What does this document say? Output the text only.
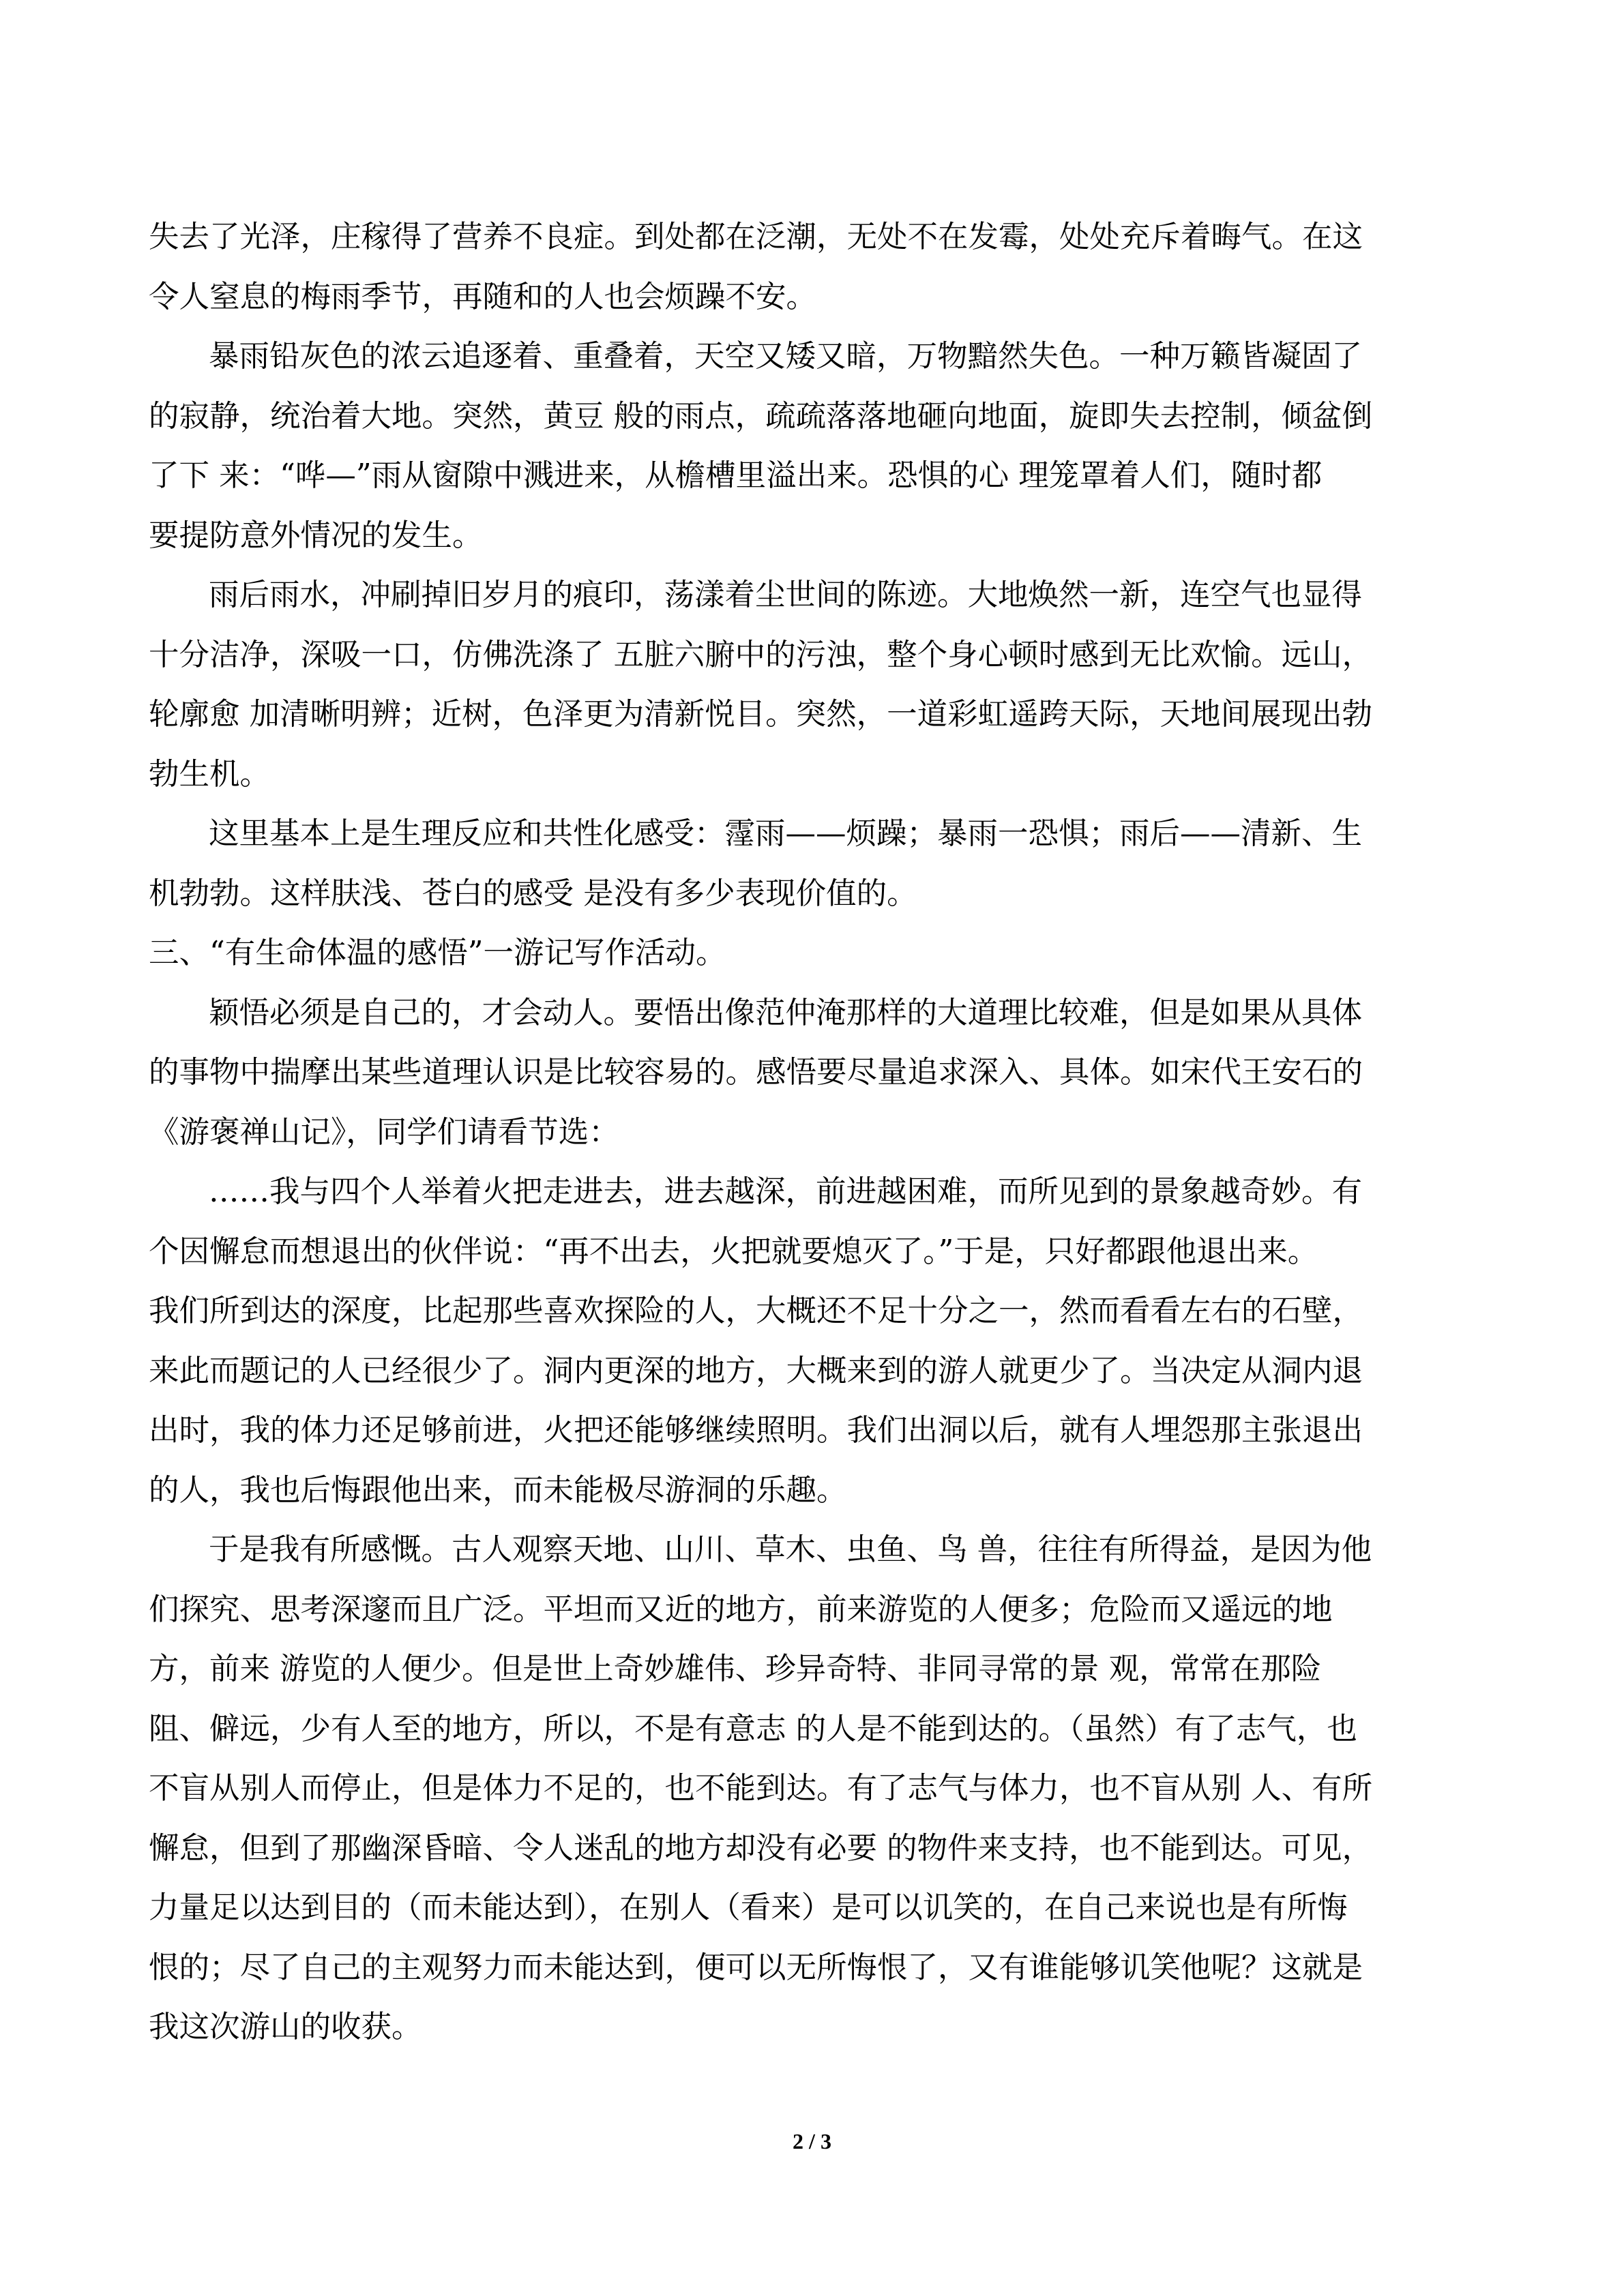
失去了光泽，庄稼得了营养不良症。到处都在泛潮，无处不在发霉，处处充斥着晦气。在这
令人窒息的梅雨季节，再随和的人也会烦躁不安。
暴雨铅灰色的浓云追逐着、重叠着，天空又矮又暗，万物黯然失色。一种万籁皆凝固了
的寂静，统治着大地。突然，黄豆 般的雨点，疏疏落落地砸向地面，旋即失去控制，倾盆倒
了下 来：“哗—”雨从窗隙中溅进来，从檐槽里溢出来。恐惧的心 理笼罩着人们，随时都
要提防意外情况的发生。
雨后雨水，冲刷掉旧岁月的痕印，荡漾着尘世间的陈迹。大地焕然一新，连空气也显得
十分洁净，深吸一口，仿佛洗涤了 五脏六腑中的污浊，整个身心顿时感到无比欢愉。远山，
轮廓愈 加清晰明辨；近树，色泽更为清新悦目。突然，一道彩虹遥跨天际，天地间展现出勃
勃生机。
这里基本上是生理反应和共性化感受：霪雨——烦躁；暴雨一恐惧；雨后——清新、生
机勃勃。这样肤浅、苍白的感受 是没有多少表现价值的。
三、“有生命体温的感悟”一游记写作活动。
颖悟必须是自己的，才会动人。要悟出像范仲淹那样的大道理比较难，但是如果从具体
的事物中揣摩出某些道理认识是比较容易的。感悟要尽量追求深入、具体。如宋代王安石的
《游褒禅山记》，同学们请看节选：
……我与四个人举着火把走进去，进去越深，前进越困难，而所见到的景象越奇妙。有
个因懈怠而想退出的伙伴说：“再不出去，火把就要熄灭了。”于是，只好都跟他退出来。
我们所到达的深度，比起那些喜欢探险的人，大概还不足十分之一，然而看看左右的石壁，
来此而题记的人已经很少了。洞内更深的地方，大概来到的游人就更少了。当决定从洞内退
出时，我的体力还足够前进，火把还能够继续照明。我们出洞以后，就有人埋怨那主张退出
的人，我也后悔跟他出来，而未能极尽游洞的乐趣。
于是我有所感慨。古人观察天地、山川、草木、虫鱼、鸟 兽，往往有所得益，是因为他
们探究、思考深邃而且广泛。平坦而又近的地方，前来游览的人便多；危险而又遥远的地
方，前来 游览的人便少。但是世上奇妙雄伟、珍异奇特、非同寻常的景 观，常常在那险
阻、僻远，少有人至的地方，所以，不是有意志 的人是不能到达的。（虽然）有了志气，也
不盲从别人而停止，但是体力不足的，也不能到达。有了志气与体力，也不盲从别 人、有所
懈怠，但到了那幽深昏暗、令人迷乱的地方却没有必要 的物件来支持，也不能到达。可见，
力量足以达到目的（而未能达到），在别人（看来）是可以讥笑的，在自己来说也是有所悔
恨的；尽了自己的主观努力而未能达到，便可以无所悔恨了，又有谁能够讥笑他呢？这就是
我这次游山的收获。
2 / 3
